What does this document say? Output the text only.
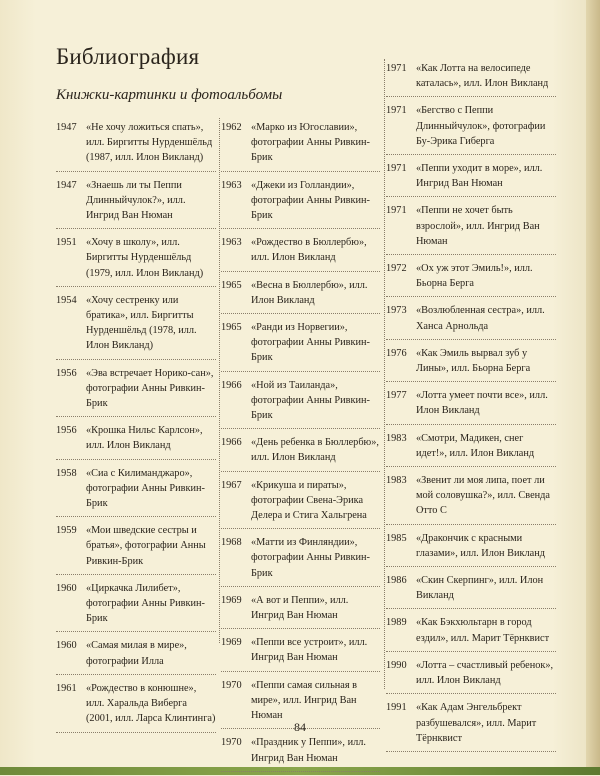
Библиография
Книжки-картинки и фотоальбомы
1947 «Не хочу ложиться спать», илл. Биргитты Нурденшёльд (1987, илл. Илон Викланд)
1947 «Знаешь ли ты Пеппи Длинныйчулок?», илл. Ингрид Ван Нюман
1951 «Хочу в школу», илл. Биргитты Нурденшёльд (1979, илл. Илон Викланд)
1954 «Хочу сестренку или братика», илл. Биргитты Нурденшёльд (1978, илл. Илон Викланд)
1956 «Эва встречает Норико-сан», фотографии Анны Ривкин-Брик
1956 «Крошка Нильс Карлсон», илл. Илон Викланд
1958 «Сиа с Килиманджаро», фотографии Анны Ривкин-Брик
1959 «Мои шведские сестры и братья», фотографии Анны Ривкин-Брик
1960 «Циркачка Лилибет», фотографии Анны Ривкин-Брик
1960 «Самая милая в мире», фотографии Илла
1961 «Рождество в конюшне», илл. Харальда Виберга (2001, илл. Ларса Клинтинга)
1962 «Марко из Югославии», фотографии Анны Ривкин-Брик
1963 «Джеки из Голландии», фотографии Анны Ривкин-Брик
1963 «Рождество в Бюллербю», илл. Илон Викланд
1965 «Весна в Бюллербю», илл. Илон Викланд
1965 «Ранди из Норвегии», фотографии Анны Ривкин-Брик
1966 «Ной из Таиланда», фотографии Анны Ривкин-Брик
1966 «День ребенка в Бюллербю», илл. Илон Викланд
1967 «Крикуша и пираты», фотографии Свена-Эрика Делера и Стига Хальгрена
1968 «Матти из Финляндии», фотографии Анны Ривкин-Брик
1969 «А вот и Пеппи», илл. Ингрид Ван Нюман
1969 «Пеппи все устроит», илл. Ингрид Ван Нюман
1970 «Пеппи самая сильная в мире», илл. Ингрид Ван Нюман
1970 «Праздник у Пеппи», илл. Ингрид Ван Нюман
1971 «Как Лотта на велосипеде каталась», илл. Илон Викланд
1971 «Бегство с Пеппи Длинныйчулок», фотографии Бу-Эрика Гиберга
1971 «Пеппи уходит в море», илл. Ингрид Ван Нюман
1971 «Пеппи не хочет быть взрослой», илл. Ингрид Ван Нюман
1972 «Ох уж этот Эмиль!», илл. Бьорна Берга
1973 «Возлюбленная сестра», илл. Ханса Арнольда
1976 «Как Эмиль вырвал зуб у Лины», илл. Бьорна Берга
1977 «Лотта умеет почти все», илл. Илон Викланд
1983 «Смотри, Мадикен, снег идет!», илл. Илон Викланд
1983 «Звенит ли моя липа, поет ли мой соловушка?», илл. Свенда Отто С
1985 «Дракончик с красными глазами», илл. Илон Викланд
1986 «Скин Скерпинг», илл. Илон Викланд
1989 «Как Бэкхюльтарн в город ездил», илл. Марит Тёрнквист
1990 «Лотта – счастливый ребенок», илл. Илон Викланд
1991 «Как Адам Энгельбрект разбушевался», илл. Марит Тёрнквист
84
